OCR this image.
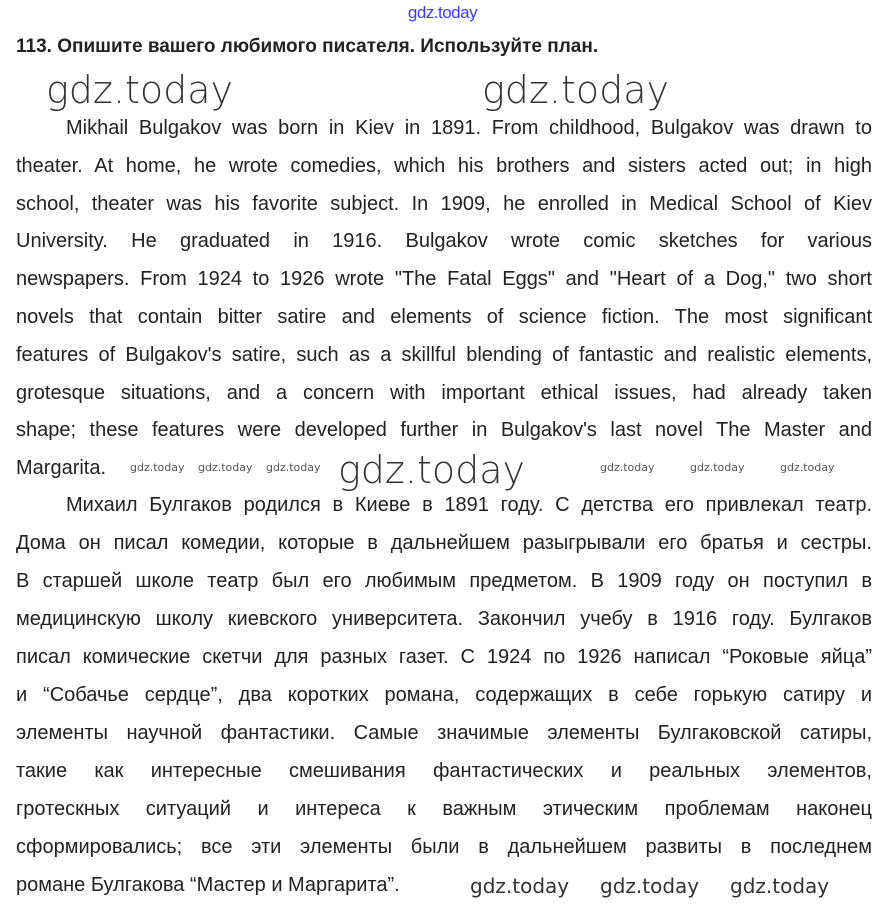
gdz.today
113. Опишите вашего любимого писателя. Используйте план.
gdz.today	gdz.today
gdz.today
gdz.today gdz.today gdz.today	gdz.today	gdz.today	gdz.today
gdz.today gdz.today gdz.today
Mikhail Bulgakov was born in Kiev in 1891. From childhood, Bulgakov was drawn to
theater. At home, he wrote comedies, which his brothers and sisters acted out; in high
school, theater was his favorite subject. In 1909, he enrolled in Medical School of Kiev
University. He graduated in 1916. Bulgakov wrote comic sketches for various
newspapers. From 1924 to 1926 wrote "The Fatal Eggs" and "Heart of a Dog," two short
novels that contain bitter satire and elements of science fiction. The most significant
features of Bulgakov's satire, such as a skillful blending of fantastic and realistic elements,
grotesque situations, and a concern with important ethical issues, had already taken
shape; these features were developed further in Bulgakov's last novel The Master and
Margarita.
Михаил Булгаков родился в Киеве в 1891 году. С детства его привлекал театр.
Дома он писал комедии, которые в дальнейшем разыгрывали его братья и сестры.
В старшей школе театр был его любимым предметом. В 1909 году он поступил в
медицинскую школу киевского университета. Закончил учебу в 1916 году. Булгаков
писал комические скетчи для разных газет. С 1924 по 1926 написал “Роковые яйца”
и “Собачье сердце”, два коротких романа, содержащих в себе горькую сатиру и
элементы научной фантастики. Самые значимые элементы Булгаковской сатиры,
такие как интересные смешивания фантастических и реальных элементов,
гротескных ситуаций и интереса к важным этическим проблемам наконец
сформировались; все эти элементы были в дальнейшем развиты в последнем
романе Булгакова “Мастер и Маргарита”.
